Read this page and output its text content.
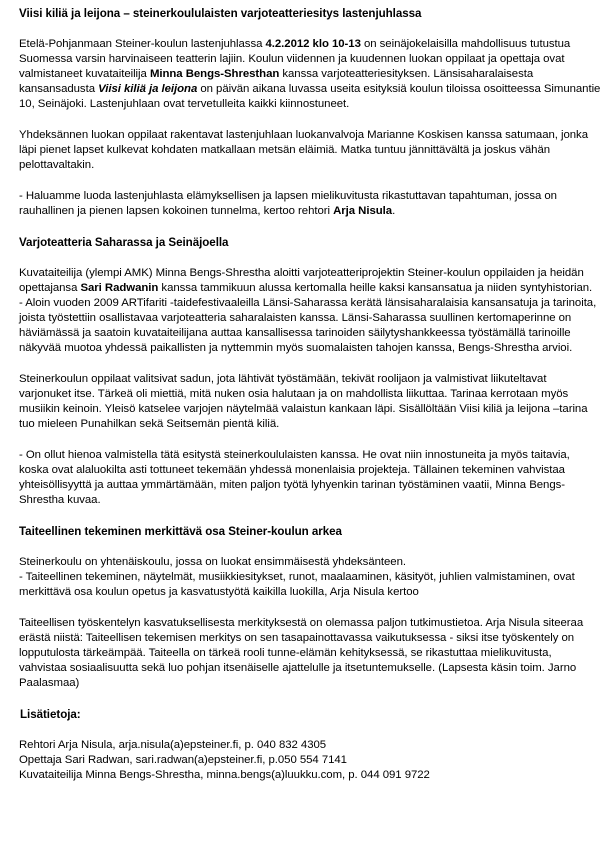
Viisi kiliä ja leijona – steinerkoululaisten varjoteatteriesitys lastenjuhlassa

Etelä-Pohjanmaan Steiner-koulun lastenjuhlassa 4.2.2012 klo 10-13 on seinäjokelaisilla mahdollisuus tutustua Suomessa varsin harvinaiseen teatterin lajiin. Koulun viidennen ja kuudennen luokan oppilaat ja opettaja ovat valmistaneet kuvataiteilija Minna Bengs-Shresthan kanssa varjoteatteriesityksen. Länsisaharalaisesta kansansadusta Viisi kiliä ja leijona on päivän aikana luvassa useita esityksiä koulun tiloissa osoitteessa Simunantie 10, Seinäjoki. Lastenjuhlaan ovat tervetulleita kaikki kiinnostuneet.

Yhdeksännen luokan oppilaat rakentavat lastenjuhlaan luokanvalvoja Marianne Koskisen kanssa satumaan, jonka läpi pienet lapset kulkevat kohdaten matkallaan metsän eläimiä. Matka tuntuu jännittävältä ja joskus vähän pelottavaltakin.

- Haluamme luoda lastenjuhlasta elämyksellisen ja lapsen mielikuvitusta rikastuttavan tapahtuman, jossa on rauhallinen ja pienen lapsen kokoinen tunnelma, kertoo rehtori Arja Nisula.

Varjoteatteria Saharassa ja Seinäjoella

Kuvataiteilija (ylempi AMK) Minna Bengs-Shrestha aloitti varjoteatteriprojektin Steiner-koulun oppilaiden ja heidän opettajansa Sari Radwanin kanssa tammikuun alussa kertomalla heille kaksi kansansatua ja niiden syntyhistorian.

- Aloin vuoden 2009 ARTifariti -taidefestivaaleilla Länsi-Saharassa kerätä länsisaharalaisia kansansatuja ja tarinoita, joista työstettiin osallistavaa varjoteatteria saharalaisten kanssa. Länsi-Saharassa suullinen kertomaperinne on häviämässä ja saatoin kuvataiteilijana auttaa kansallisessa tarinoiden säilytyshankkeessa työstämällä tarinoille näkyvää muotoa yhdessä paikallisten ja nyttemmin myös suomalaisten tahojen kanssa, Bengs-Shrestha arvioi.

Steinerkoulun oppilaat valitsivat sadun, jota lähtivät työstämään, tekivät roolijaon ja valmistivat liikuteltavat varjonuket itse. Tärkeä oli miettiä, mitä nuken osia halutaan ja on mahdollista liikuttaa. Tarinaa kerrotaan myös musiikin keinoin. Yleisö katselee varjojen näytelmää valaistun kankaan läpi. Sisällöltään Viisi kiliä ja leijona –tarina tuo mieleen Punahilkan sekä Seitsemän pientä kiliä.

- On ollut hienoa valmistella tätä esitystä steinerkoululaisten kanssa. He ovat niin innostuneita ja myös taitavia, koska ovat alaluokilta asti tottuneet tekemään yhdessä monenlaisia projekteja. Tällainen tekeminen vahvistaa yhteisöllisyyttä ja auttaa ymmärtämään, miten paljon työtä lyhyenkin tarinan työstäminen vaatii, Minna Bengs-Shrestha kuvaa.

Taiteellinen tekeminen merkittävä osa Steiner-koulun arkea

Steinerkoulu on yhtenäiskoulu, jossa on luokat ensimmäisestä yhdeksänteen.

- Taiteellinen tekeminen, näytelmät, musiikkiesitykset, runot, maalaaminen, käsityöt, juhlien valmistaminen, ovat merkittävä osa koulun opetus ja kasvatustyötä kaikilla luokilla, Arja Nisula kertoo

Taiteellisen työskentelyn kasvatuksellisesta merkityksestä on olemassa paljon tutkimustietoa. Arja Nisula siteeraa erästä niistä: Taiteellisen tekemisen merkitys on sen tasapainottavassa vaikutuksessa - siksi itse työskentely on lopputulosta tärkeämpää. Taiteella on tärkeä rooli tunne-elämän kehityksessä, se rikastuttaa mielikuvitusta, vahvistaa sosiaalisuutta sekä luo pohjan itsenäiselle ajattelulle ja itsetuntemukselle. (Lapsesta käsin toim. Jarno Paalasmaa)

Lisätietoja:

Rehtori Arja Nisula, arja.nisula(a)epsteiner.fi, p. 040 832 4305

Opettaja Sari Radwan, sari.radwan(a)epsteiner.fi, p.050 554 7141

Kuvataiteilija Minna Bengs-Shrestha, minna.bengs(a)luukku.com, p. 044 091 9722
